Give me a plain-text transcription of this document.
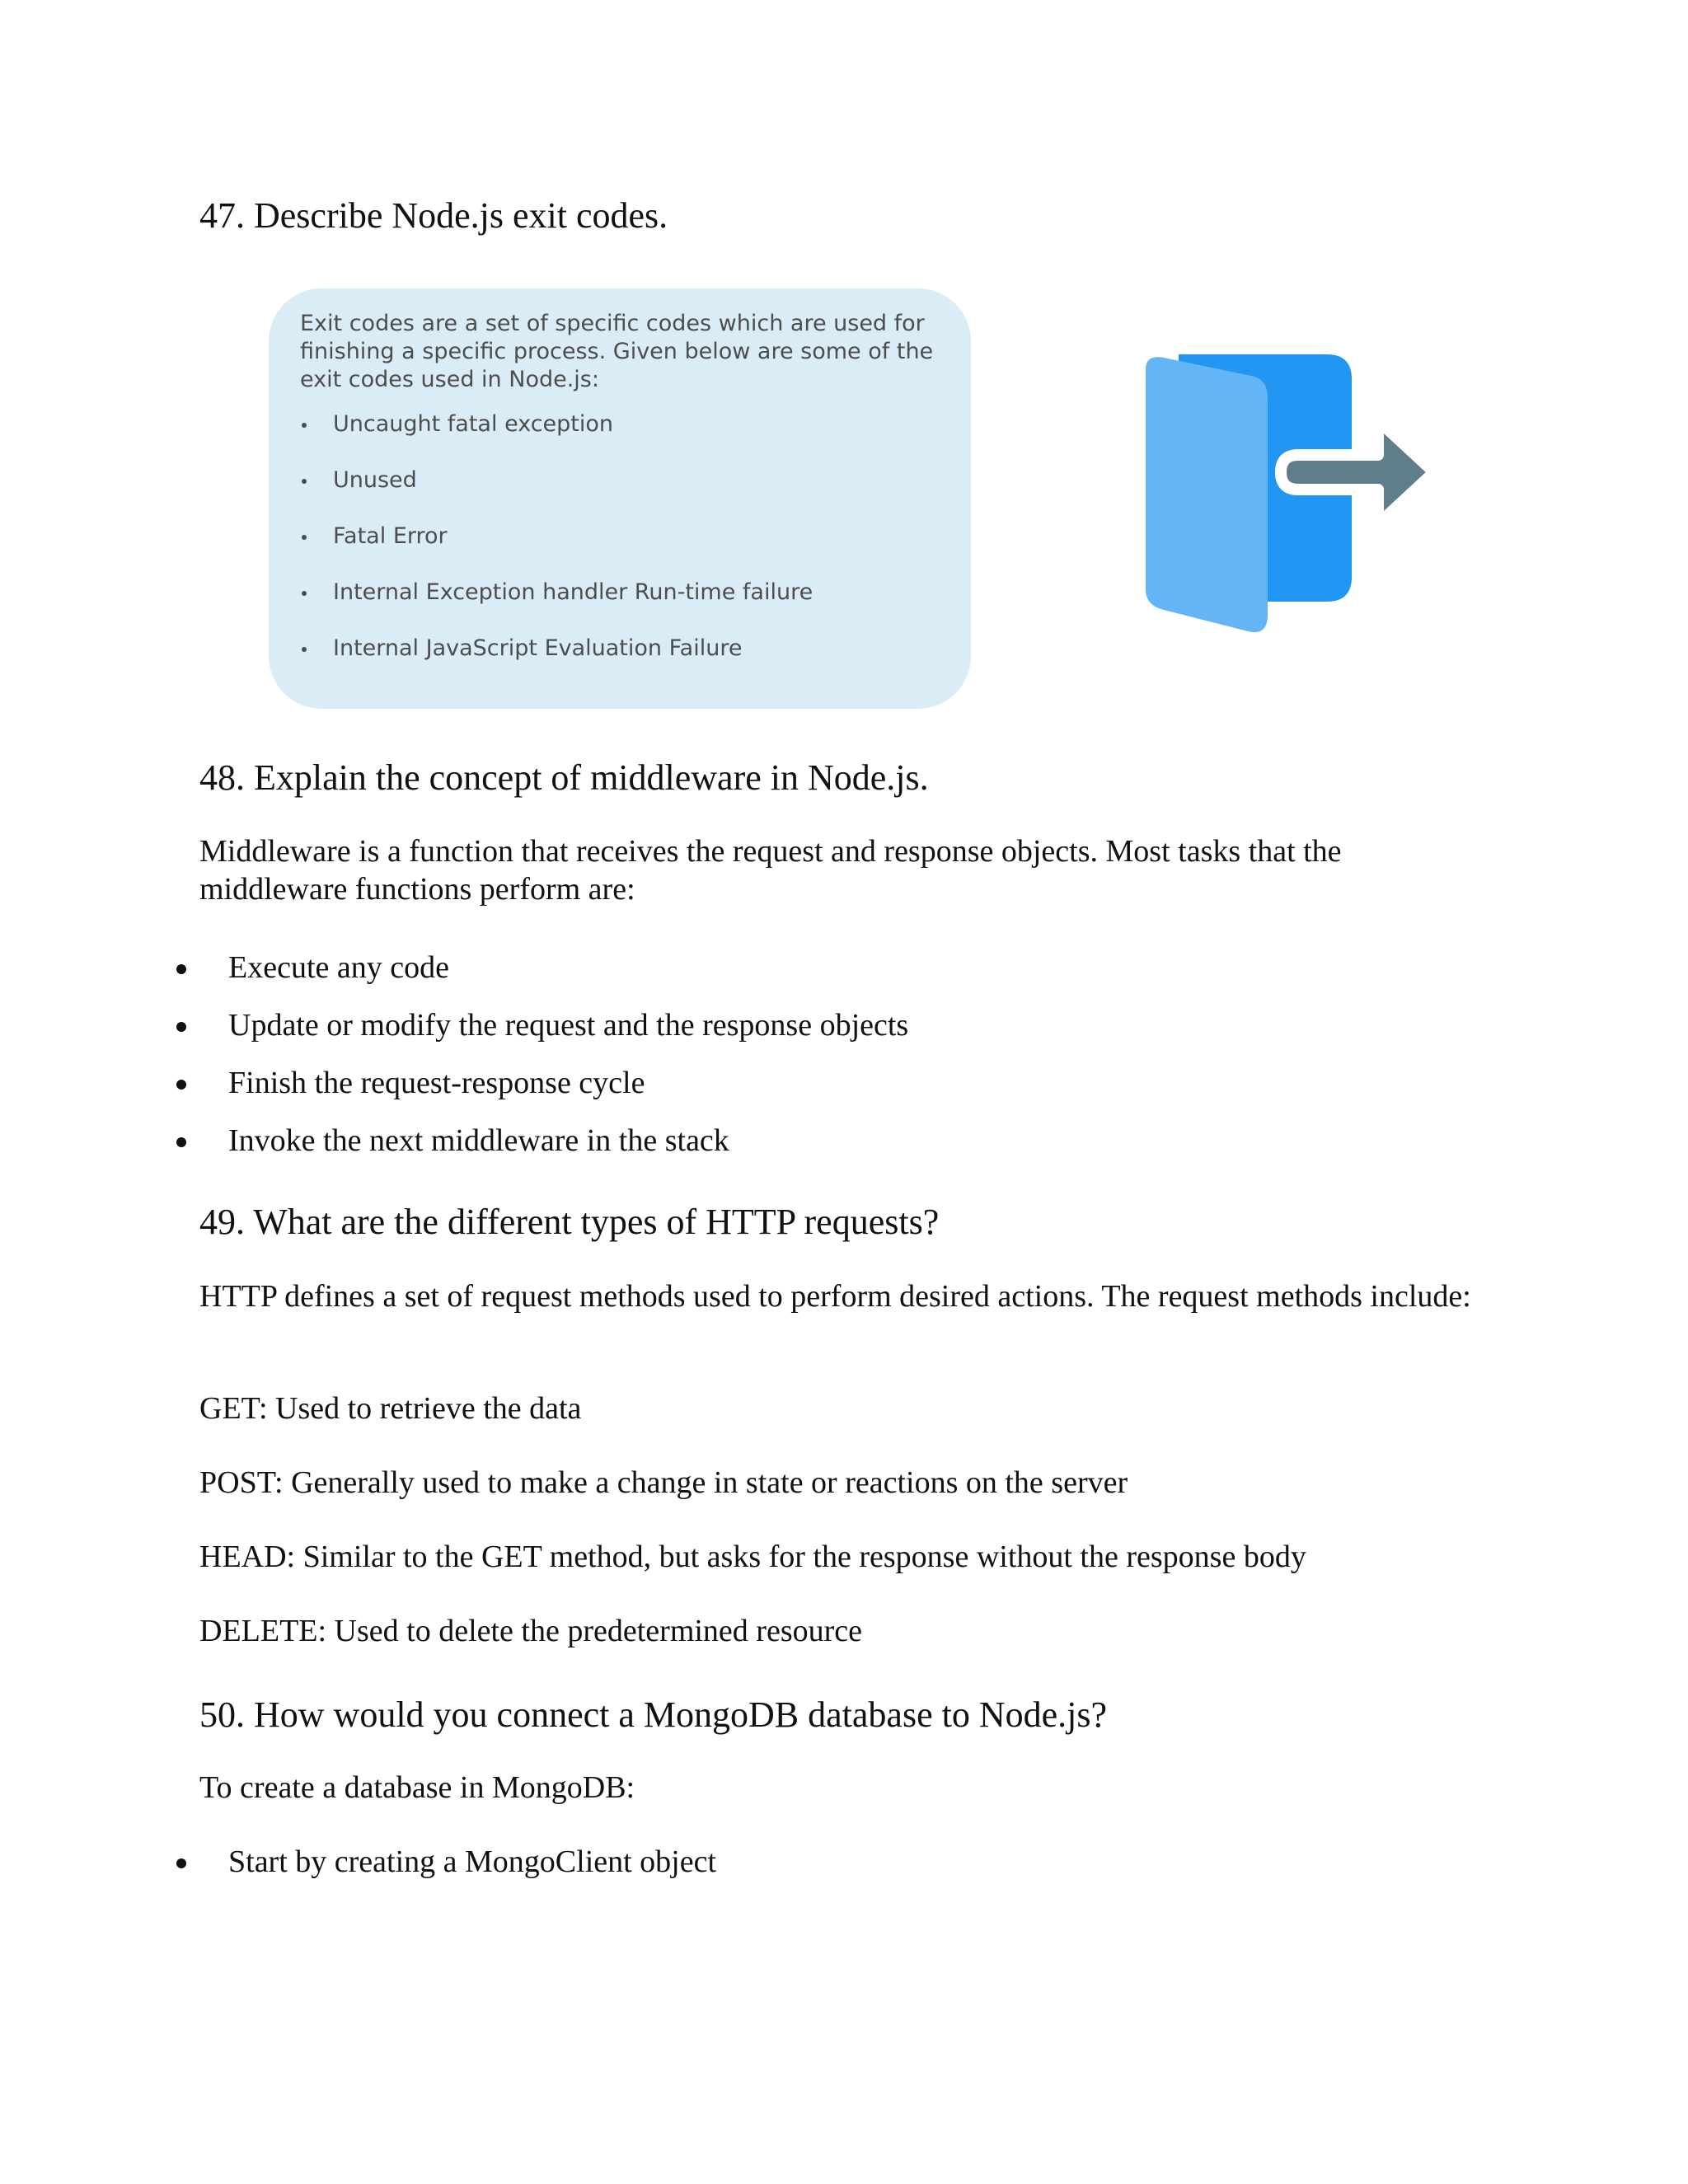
47. Describe Node.js exit codes.

Exit codes are a set of specific codes which are used for finishing a specific process. Given below are some of the exit codes used in Node.js:

Uncaught fatal exception
Unused
Fatal Error
Internal Exception handler Run-time failure
Internal JavaScript Evaluation Failure
48. Explain the concept of middleware in Node.js.

Middleware is a function that receives the request and response objects. Most tasks that the middleware functions perform are:

Execute any code
Update or modify the request and the response objects
Finish the request-response cycle
Invoke the next middleware in the stack
49. What are the different types of HTTP requests?

HTTP defines a set of request methods used to perform desired actions. The request methods include:

GET: Used to retrieve the data

POST: Generally used to make a change in state or reactions on the server

HEAD: Similar to the GET method, but asks for the response without the response body

DELETE: Used to delete the predetermined resource

50. How would you connect a MongoDB database to Node.js?

To create a database in MongoDB:

Start by creating a MongoClient object
